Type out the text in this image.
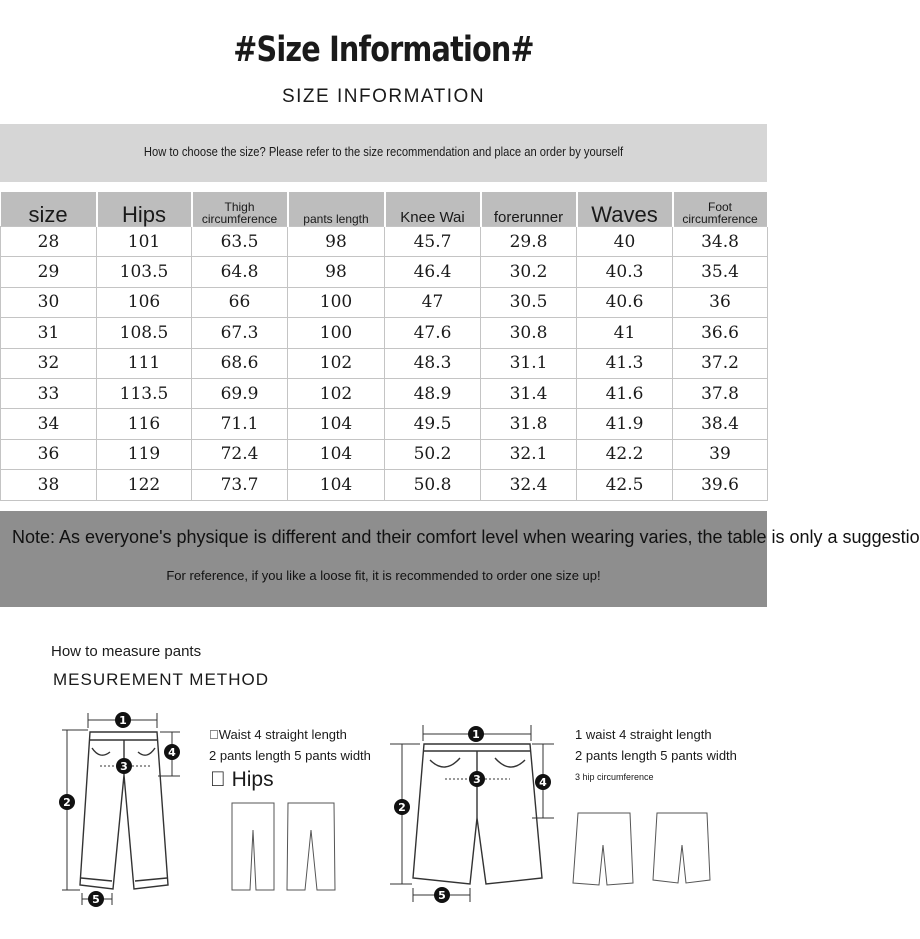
#Size Information#
SIZE INFORMATION
How to choose the size? Please refer to the size recommendation and place an order by yourself
size	Hips	Thigh circumference	pants length	Knee Wai	forerunner	Waves	Foot circumference
28	101	63.5	98	45.7	29.8	40	34.8
29	103.5	64.8	98	46.4	30.2	40.3	35.4
30	106	66	100	47	30.5	40.6	36
31	108.5	67.3	100	47.6	30.8	41	36.6
32	111	68.6	102	48.3	31.1	41.3	37.2
33	113.5	69.9	102	48.9	31.4	41.6	37.8
34	116	71.1	104	49.5	31.8	41.9	38.4
36	119	72.4	104	50.2	32.1	42.2	39
38	122	73.7	104	50.8	32.4	42.5	39.6
Note: As everyone's physique is different and their comfort level when wearing varies, the table is only a suggestio
For reference, if you like a loose fit, it is recommended to order one size up!
How to measure pants
MESUREMENT METHOD
 Waist 4 straight length
2 pants length 5 pants width
  Hips
1 waist 4 straight length
2 pants length 5 pants width
3 hip circumference
1
2
3
4
5
1
2
3	4
5
